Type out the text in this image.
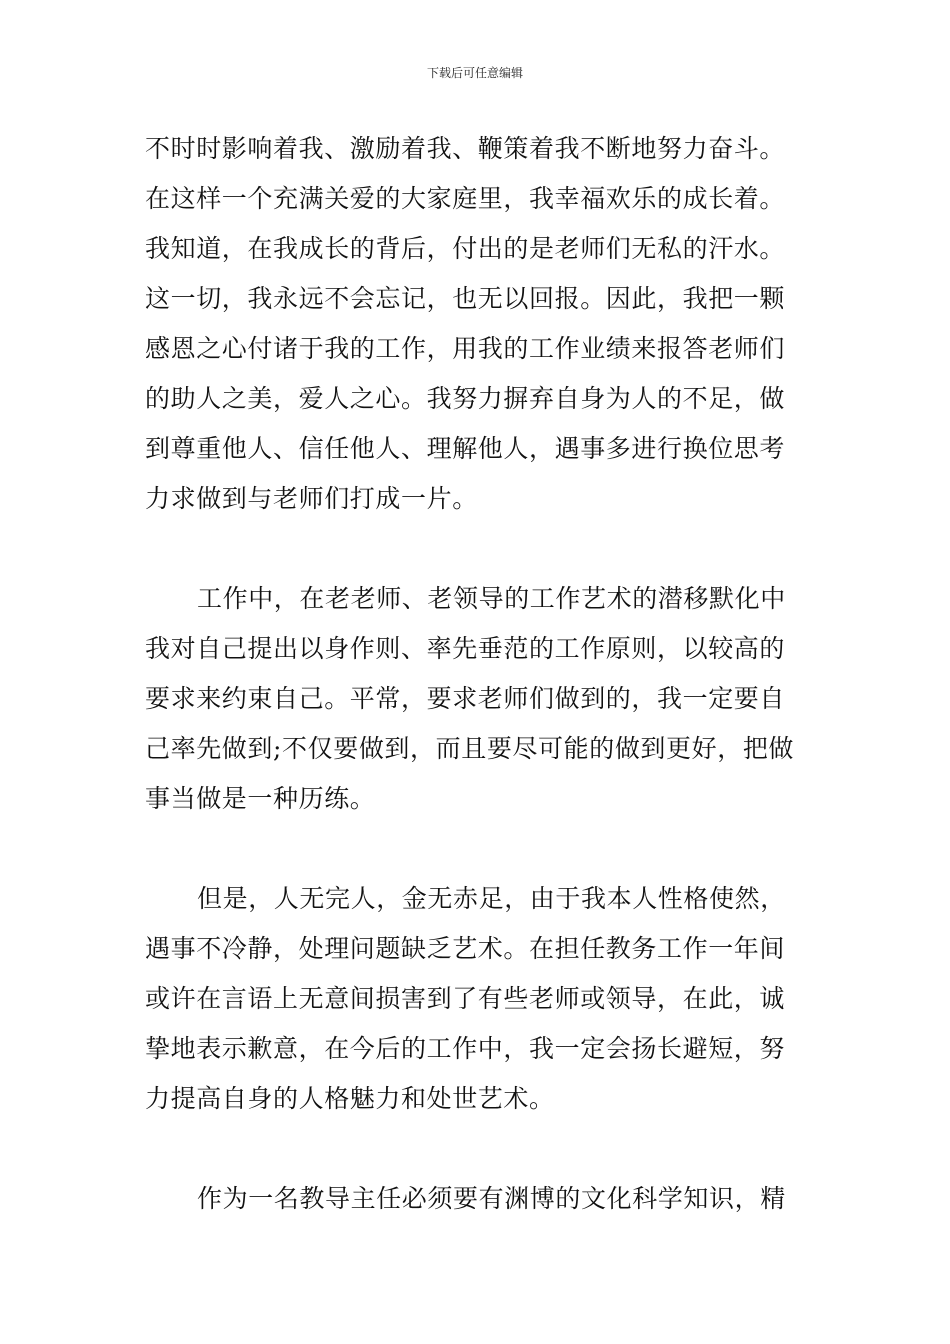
下载后可任意编辑
不时时影响着我、激励着我、鞭策着我不断地努力奋斗。
在这样一个充满关爱的大家庭里，我幸福欢乐的成长着。
我知道，在我成长的背后，付出的是老师们无私的汗水。
这一切，我永远不会忘记，也无以回报。因此，我把一颗
感恩之心付诸于我的工作，用我的工作业绩来报答老师们
的助人之美，爱人之心。我努力摒弃自身为人的不足，做
到尊重他人、信任他人、理解他人，遇事多进行换位思考
力求做到与老师们打成一片。
工作中，在老老师、老领导的工作艺术的潜移默化中
我对自己提出以身作则、率先垂范的工作原则，以较高的
要求来约束自己。平常，要求老师们做到的，我一定要自
己率先做到;不仅要做到，而且要尽可能的做到更好，把做
事当做是一种历练。
但是，人无完人，金无赤足，由于我本人性格使然，
遇事不冷静，处理问题缺乏艺术。在担任教务工作一年间
或许在言语上无意间损害到了有些老师或领导，在此，诚
挚地表示歉意，在今后的工作中，我一定会扬长避短，努
力提高自身的人格魅力和处世艺术。
作为一名教导主任必须要有渊博的文化科学知识，精
